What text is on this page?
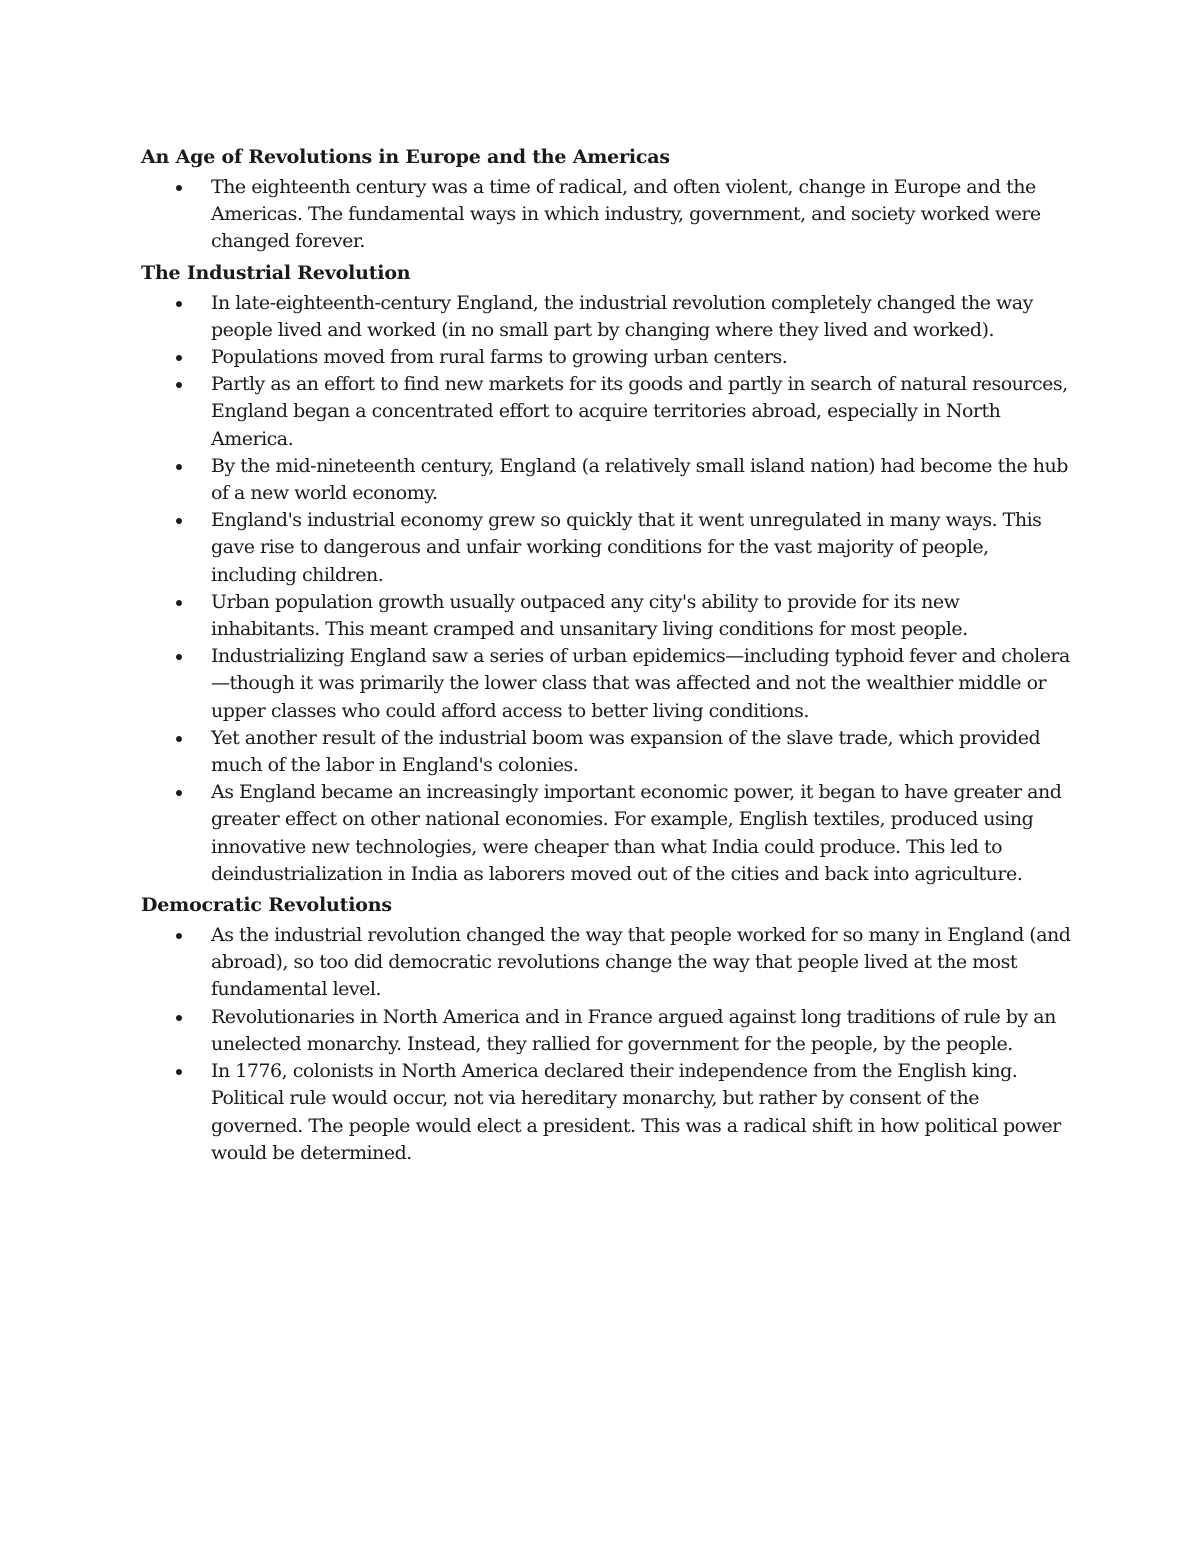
An Age of Revolutions in Europe and the Americas
The eighteenth century was a time of radical, and often violent, change in Europe and the Americas. The fundamental ways in which industry, government, and society worked were changed forever.
The Industrial Revolution
In late-eighteenth-century England, the industrial revolution completely changed the way people lived and worked (in no small part by changing where they lived and worked).
Populations moved from rural farms to growing urban centers.
Partly as an effort to find new markets for its goods and partly in search of natural resources, England began a concentrated effort to acquire territories abroad, especially in North America.
By the mid-nineteenth century, England (a relatively small island nation) had become the hub of a new world economy.
England's industrial economy grew so quickly that it went unregulated in many ways. This gave rise to dangerous and unfair working conditions for the vast majority of people, including children.
Urban population growth usually outpaced any city's ability to provide for its new inhabitants. This meant cramped and unsanitary living conditions for most people.
Industrializing England saw a series of urban epidemics—including typhoid fever and cholera—though it was primarily the lower class that was affected and not the wealthier middle or upper classes who could afford access to better living conditions.
Yet another result of the industrial boom was expansion of the slave trade, which provided much of the labor in England's colonies.
As England became an increasingly important economic power, it began to have greater and greater effect on other national economies. For example, English textiles, produced using innovative new technologies, were cheaper than what India could produce. This led to deindustrialization in India as laborers moved out of the cities and back into agriculture.
Democratic Revolutions
As the industrial revolution changed the way that people worked for so many in England (and abroad), so too did democratic revolutions change the way that people lived at the most fundamental level.
Revolutionaries in North America and in France argued against long traditions of rule by an unelected monarchy. Instead, they rallied for government for the people, by the people.
In 1776, colonists in North America declared their independence from the English king. Political rule would occur, not via hereditary monarchy, but rather by consent of the governed. The people would elect a president. This was a radical shift in how political power would be determined.
